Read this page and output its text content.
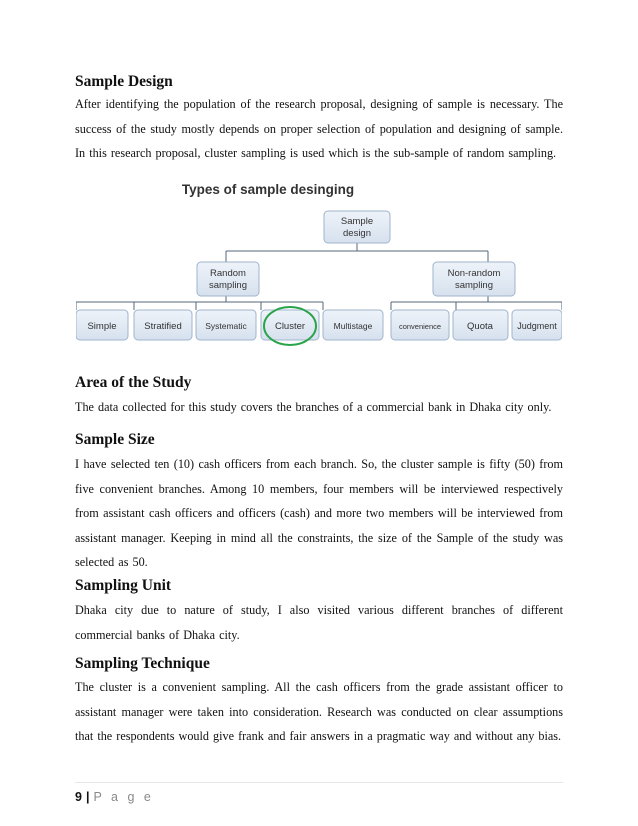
Sample Design

After identifying the population of the research proposal, designing of sample is necessary. The success of the study mostly depends on proper selection of population and designing of sample. In this research proposal, cluster sampling is used which is the sub-sample of random sampling.

Types of sample desinging
Sample
design
Random
sampling
Non-random
sampling
Simple	Stratified	Systematic	Cluster	Multistage	convenience	Quota	Judgment
Area of the Study

The data collected for this study covers the branches of a commercial bank in Dhaka city only.

Sample Size

I have selected ten (10) cash officers from each branch. So, the cluster sample is fifty (50) from five convenient branches. Among 10 members, four members will be interviewed respectively from assistant cash officers and officers (cash) and more two members will be interviewed from assistant manager. Keeping in mind all the constraints, the size of the Sample of the study was selected as 50.

Sampling Unit

Dhaka city due to nature of study, I also visited various different branches of different commercial banks of Dhaka city.

Sampling Technique

The cluster is a convenient sampling. All the cash officers from the grade assistant officer to assistant manager were taken into consideration. Research was conducted on clear assumptions that the respondents would give frank and fair answers in a pragmatic way and without any bias.

9 | P a g e
